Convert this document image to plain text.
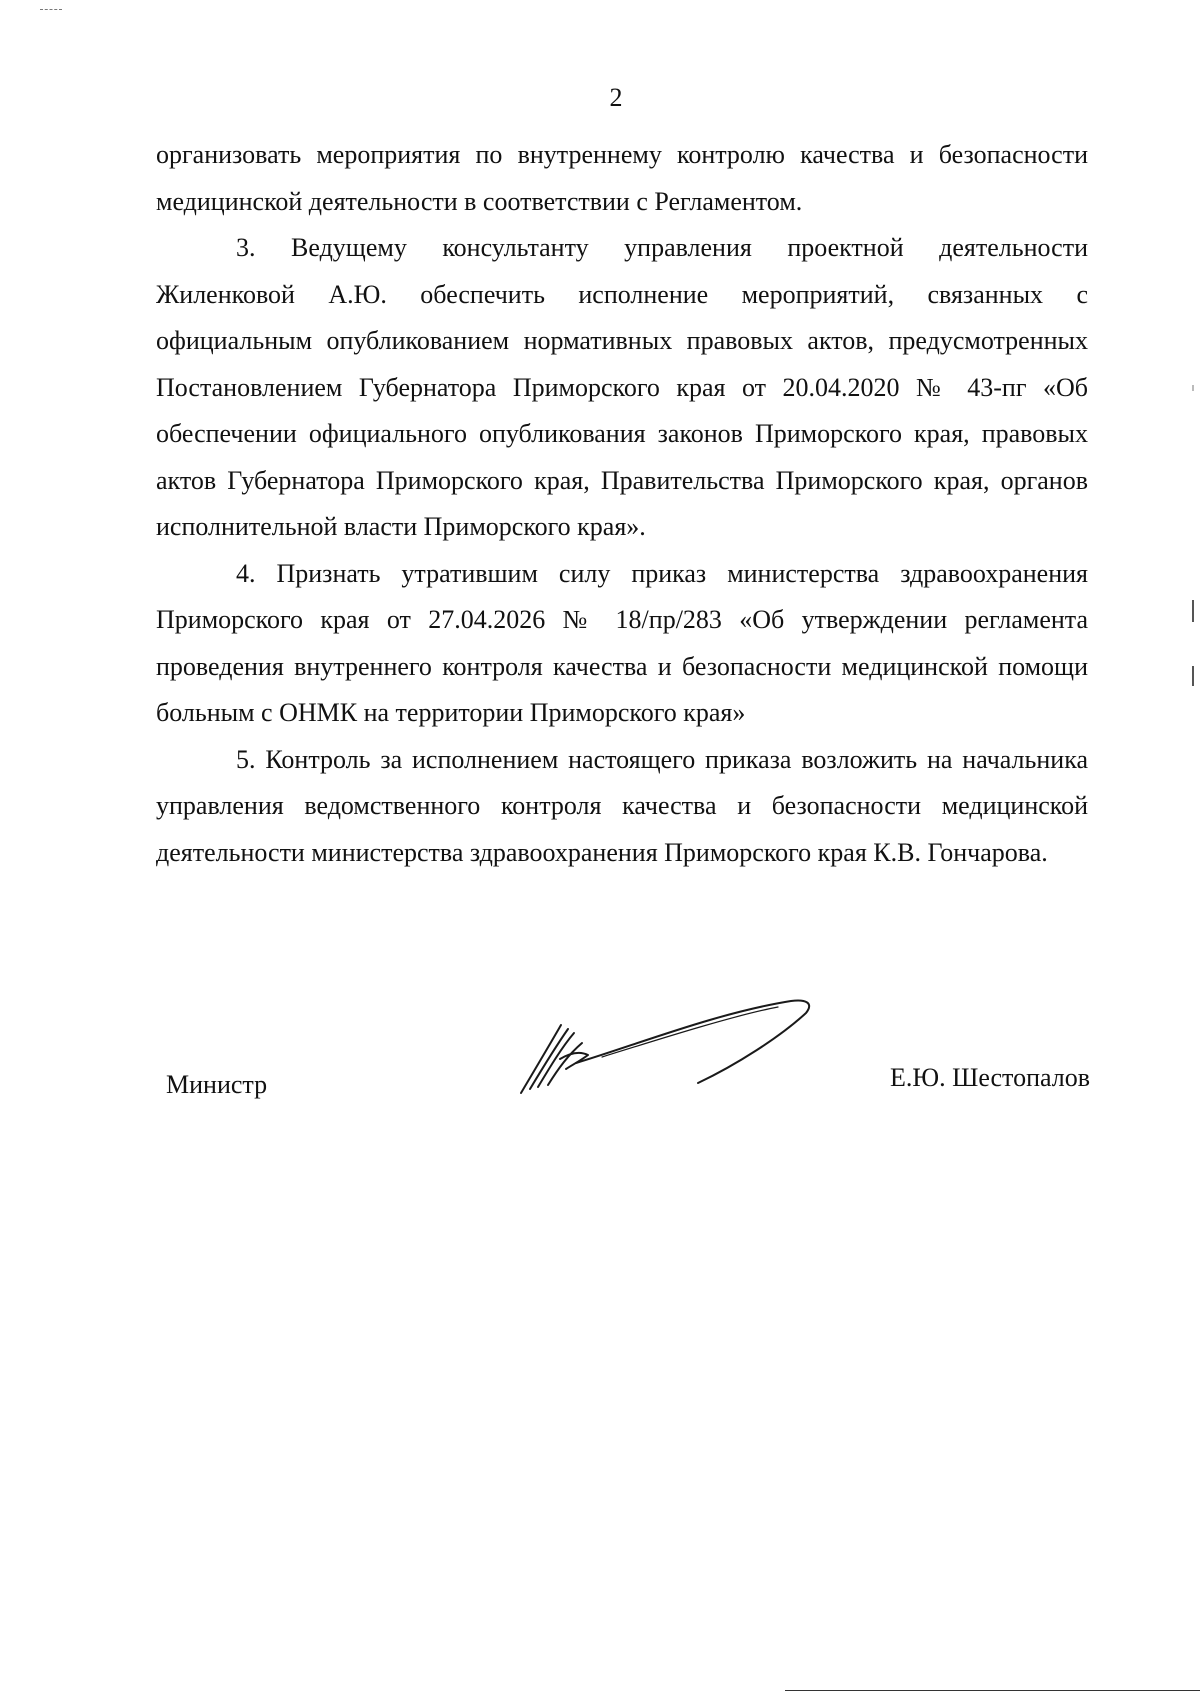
2

организовать мероприятия по внутреннему контролю качества и безопасности медицинской деятельности в соответствии с Регламентом.

3. Ведущему консультанту управления проектной деятельности Жиленковой А.Ю. обеспечить исполнение мероприятий, связанных с официальным опубликованием нормативных правовых актов, предусмотренных Постановлением Губернатора Приморского края от 20.04.2020 № 43-пг «Об обеспечении официального опубликования законов Приморского края, правовых актов Губернатора Приморского края, Правительства Приморского края, органов исполнительной власти Приморского края».

4. Признать утратившим силу приказ министерства здравоохранения Приморского края от 27.04.2026 № 18/пр/283 «Об утверждении регламента проведения внутреннего контроля качества и безопасности медицинской помощи больным с ОНМК на территории Приморского края»

5. Контроль за исполнением настоящего приказа возложить на начальника управления ведомственного контроля качества и безопасности медицинской деятельности министерства здравоохранения Приморского края К.В. Гончарова.

Министр	Е.Ю. Шестопалов
